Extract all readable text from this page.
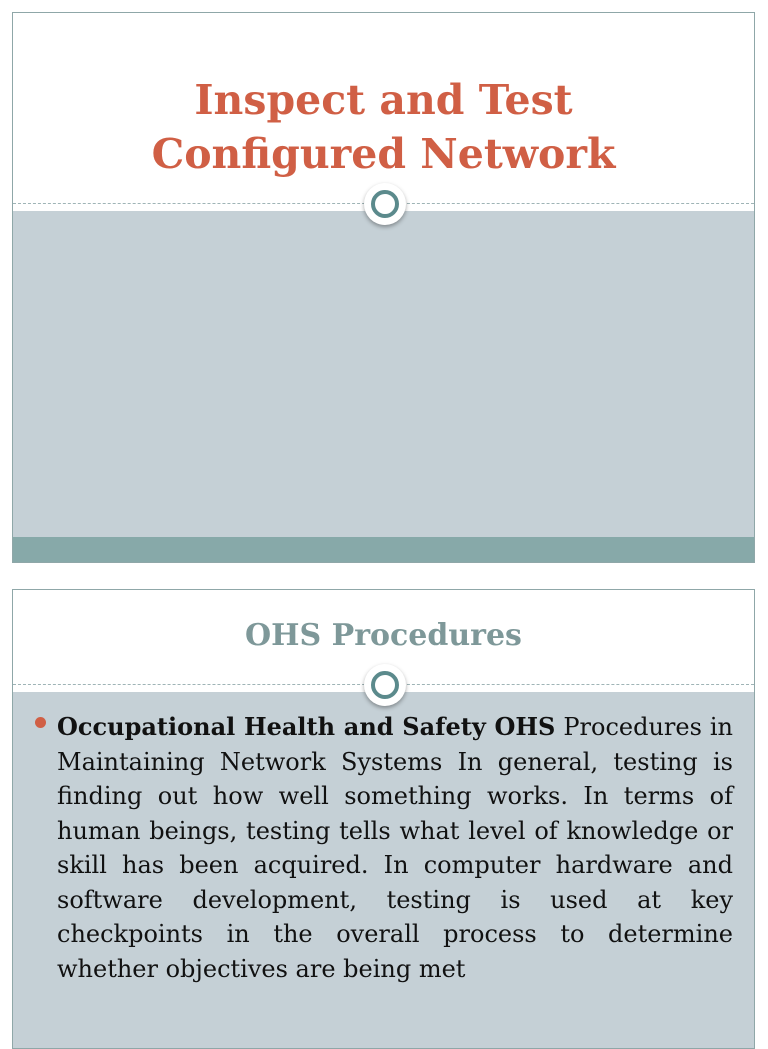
Inspect and Test
Configured Network
OHS Procedures

Occupational Health and Safety OHS Procedures in Maintaining Network Systems In general, testing is finding out how well something works. In terms of human beings, testing tells what level of knowledge or skill has been acquired. In computer hardware and software development, testing is used at key checkpoints in the overall process to determine whether objectives are being met
